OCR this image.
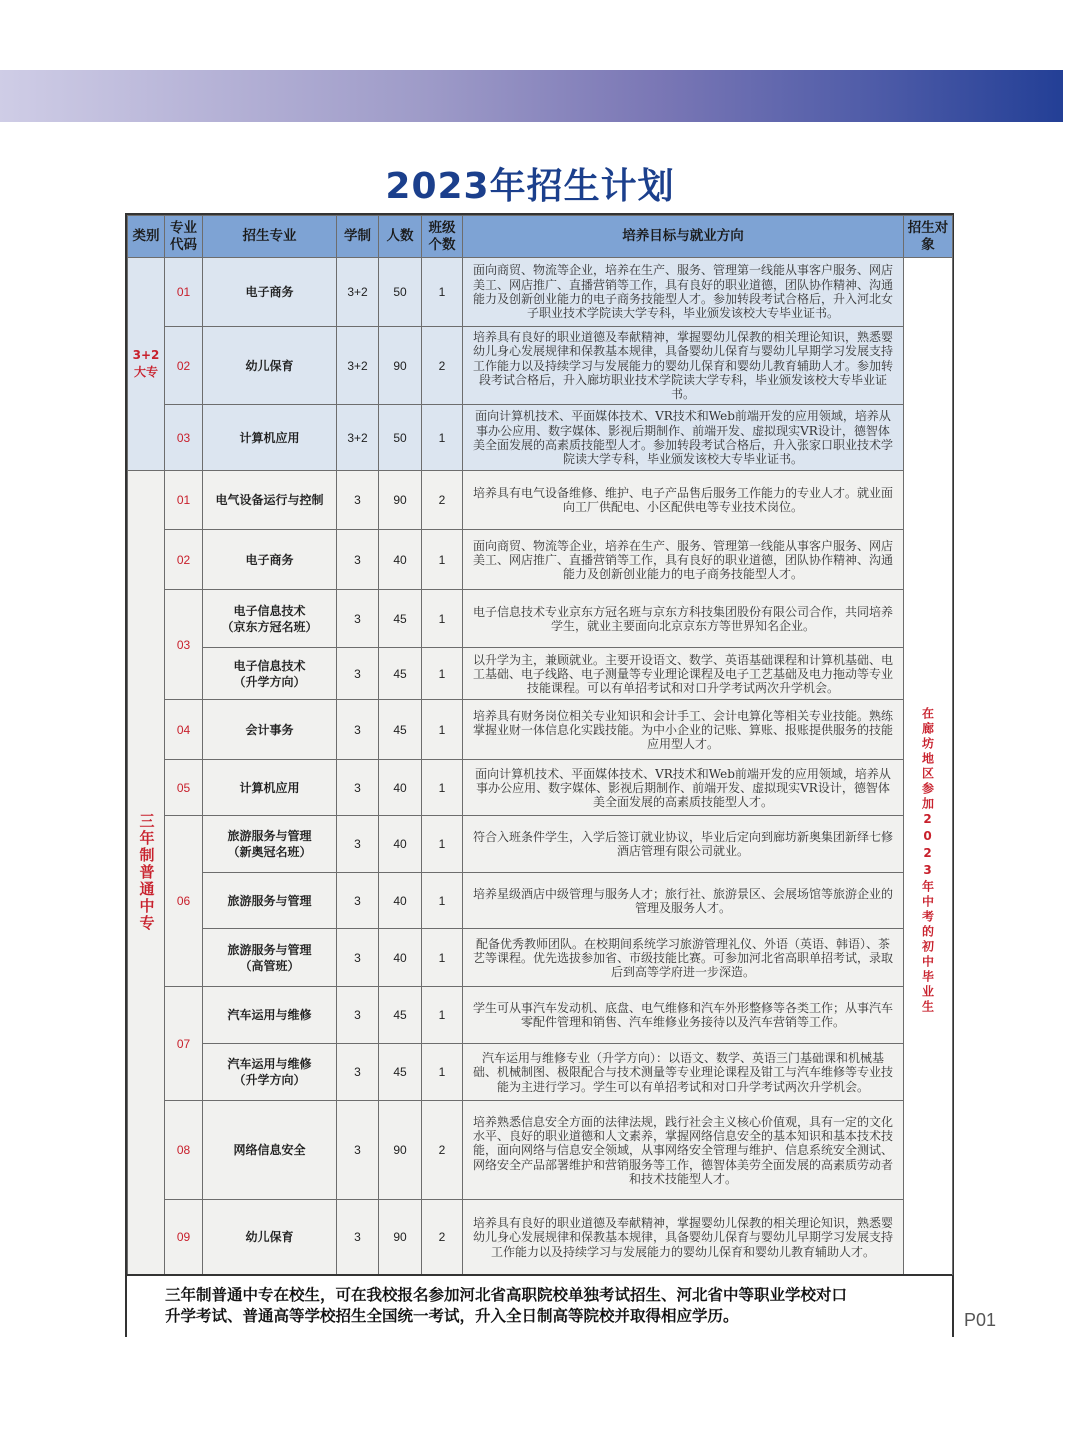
2023年招生计划
类别	专业代码	招生专业	学制	人数	班级个数	培养目标与就业方向	招生对象
3+2大专	01	电子商务	3+2	50	1	面向商贸、物流等企业，培养在生产、服务、管理第一线能从事客户服务、网店美工、网店推广、直播营销等工作，具有良好的职业道德，团队协作精神、沟通能力及创新创业能力的电子商务技能型人才。参加转段考试合格后，升入河北女子职业技术学院读大学专科，毕业颁发该校大专毕业证书。	在廊坊地区参加2023年中考的初中毕业生
	02	幼儿保育	3+2	90	2	培养具有良好的职业道德及奉献精神，掌握婴幼儿保教的相关理论知识，熟悉婴幼儿身心发展规律和保教基本规律，具备婴幼儿保育与婴幼儿早期学习发展支持工作能力以及持续学习与发展能力的婴幼儿保育和婴幼儿教育辅助人才。参加转段考试合格后，升入廊坊职业技术学院读大学专科，毕业颁发该校大专毕业证书。	
	03	计算机应用	3+2	50	1	面向计算机技术、平面媒体技术、VR技术和Web前端开发的应用领域，培养从事办公应用、数字媒体、影视后期制作、前端开发、虚拟现实VR设计，德智体美全面发展的高素质技能型人才。参加转段考试合格后，升入张家口职业技术学院读大学专科，毕业颁发该校大专毕业证书。	
三年制普通中专	01	电气设备运行与控制	3	90	2	培养具有电气设备维修、维护、电子产品售后服务工作能力的专业人才。就业面向工厂供配电、小区配供电等专业技术岗位。	
	02	电子商务	3	40	1	面向商贸、物流等企业，培养在生产、服务、管理第一线能从事客户服务、网店美工、网店推广、直播营销等工作，具有良好的职业道德，团队协作精神、沟通能力及创新创业能力的电子商务技能型人才。	
	03	电子信息技术
（京东方冠名班）	3	45	1	电子信息技术专业京东方冠名班与京东方科技集团股份有限公司合作，共同培养学生，就业主要面向北京京东方等世界知名企业。	

		电子信息技术
（升学方向）	3	45	1	以升学为主，兼顾就业。主要开设语文、数学、英语基础课程和计算机基础、电工基础、电子线路、电子测量等专业理论课程及电子工艺基础及电力拖动等专业技能课程。可以有单招考试和对口升学考试两次升学机会。	
	04	会计事务	3	45	1	培养具有财务岗位相关专业知识和会计手工、会计电算化等相关专业技能。熟练掌握业财一体信息化实践技能。为中小企业的记账、算账、报账提供服务的技能应用型人才。	
	05	计算机应用	3	40	1	面向计算机技术、平面媒体技术、VR技术和Web前端开发的应用领域，培养从事办公应用、数字媒体、影视后期制作、前端开发、虚拟现实VR设计，德智体美全面发展的高素质技能型人才。	
	06	旅游服务与管理
（新奥冠名班）	3	40	1	符合入班条件学生，入学后签订就业协议，毕业后定向到廊坊新奥集团新绎七修酒店管理有限公司就业。	
		旅游服务与管理	3	40	1	培养星级酒店中级管理与服务人才；旅行社、旅游景区、会展场馆等旅游企业的管理及服务人才。	

		旅游服务与管理
（高管班）	3	40	1	配备优秀教师团队。在校期间系统学习旅游管理礼仪、外语（英语、韩语）、茶艺等课程。优先选拔参加省、市级技能比赛。可参加河北省高职单招考试，录取后到高等学府进一步深造。	
	07	汽车运用与维修	3	45	1	学生可从事汽车发动机、底盘、电气维修和汽车外形整修等各类工作；从事汽车零配件管理和销售、汽车维修业务接待以及汽车营销等工作。	

		汽车运用与维修
（升学方向）	3	45	1	汽车运用与维修专业（升学方向）：以语文、数学、英语三门基础课和机械基础、机械制图、极限配合与技术测量等专业理论课程及钳工与汽车维修等专业技能为主进行学习。学生可以有单招考试和对口升学考试两次升学机会。	
	08	网络信息安全	3	90	2	培养熟悉信息安全方面的法律法规，践行社会主义核心价值观，具有一定的文化水平、良好的职业道德和人文素养，掌握网络信息安全的基本知识和基本技术技能，面向网络与信息安全领域，从事网络安全管理与维护、信息系统安全测试、网络安全产品部署维护和营销服务等工作，德智体美劳全面发展的高素质劳动者和技术技能型人才。	
	09	幼儿保育	3	90	2	培养具有良好的职业道德及奉献精神，掌握婴幼儿保教的相关理论知识，熟悉婴幼儿身心发展规律和保教基本规律，具备婴幼儿保育与婴幼儿早期学习发展支持工作能力以及持续学习与发展能力的婴幼儿保育和婴幼儿教育辅助人才。	
三年制普通中专在校生，可在我校报名参加河北省高职院校单独考试招生、河北省中等职业学校对口
升学考试、普通高等学校招生全国统一考试，升入全日制高等院校并取得相应学历。	P01
